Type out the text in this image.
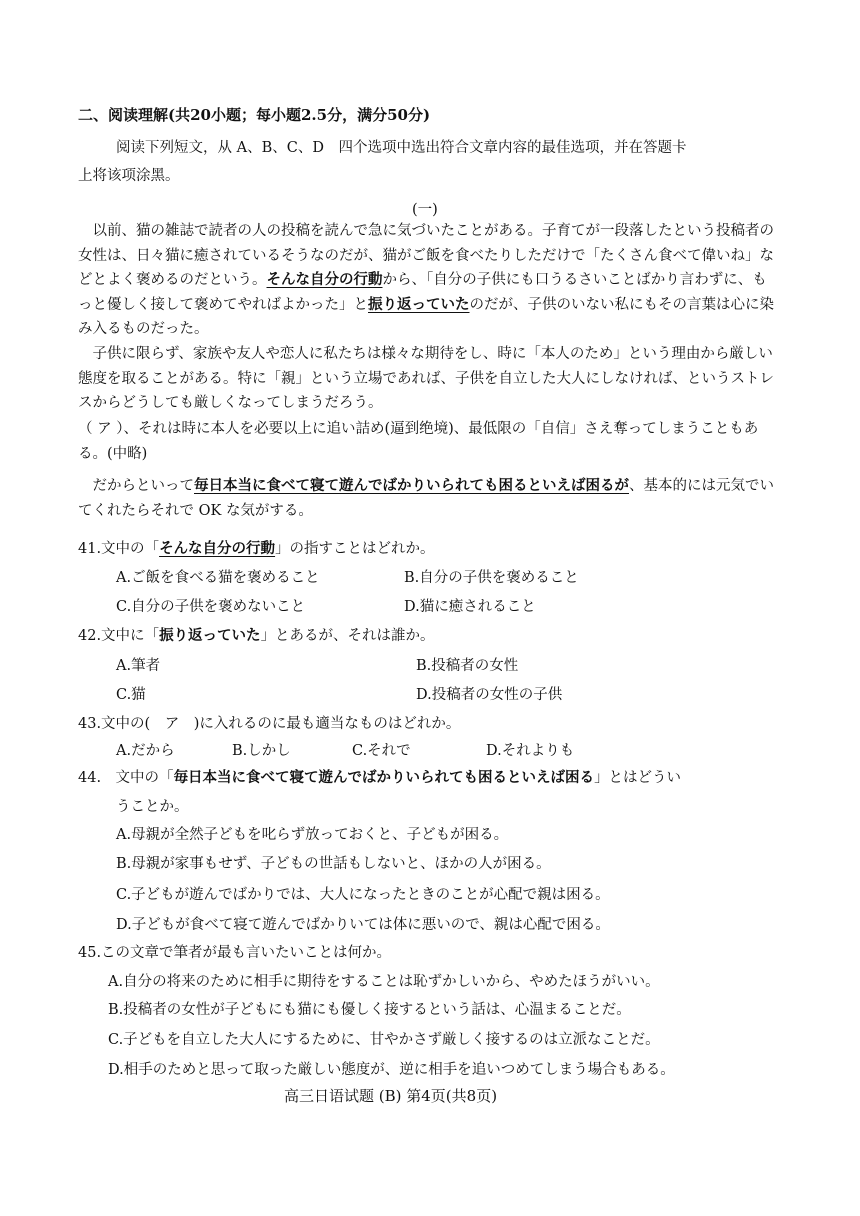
二、阅读理解(共20小题；每小题2.5分，满分50分)
阅读下列短文，从 A、B、C、D　四个选项中选出符合文章内容的最佳选项，并在答题卡
上将该项涂黑。
(一)
　以前、猫の雑誌で読者の人の投稿を読んで急に気づいたことがある。子育てが一段落したという投稿者の女性は、日々猫に癒されているそうなのだが、猫がご飯を食べたりしただけで「たくさん食べて偉いね」などとよく褒めるのだという。そんな自分の行動から、「自分の子供にも口うるさいことばかり言わずに、もっと優しく接して褒めてやればよかった」と振り返っていたのだが、子供のいない私にもその言葉は心に染み入るものだった。
　子供に限らず、家族や友人や恋人に私たちは様々な期待をし、時に「本人のため」という理由から厳しい態度を取ることがある。特に「親」という立場であれば、子供を自立した大人にしなければ、というストレスからどうしても厳しくなってしまうだろう。
（ ア ）、それは時に本人を必要以上に追い詰め(逼到绝境)、最低限の「自信」さえ奪ってしまうこともある。(中略)
　だからといって毎日本当に食べて寝て遊んでばかりいられても困るといえば困るが、基本的には元気でいてくれたらそれで OK な気がする。
41.文中の「そんな自分の行動」の指すことはどれか。
A.ご飯を食べる猫を褒めること	B.自分の子供を褒めること
C.自分の子供を褒めないこと	D.猫に癒されること
42.文中に「振り返っていた」とあるが、それは誰か。
A.筆者	B.投稿者の女性
C.猫	D.投稿者の女性の子供
43.文中の(　ア　)に入れるのに最も適当なものはどれか。
A.だから	B.しかし	C.それで	D.それよりも
44.　文中の「毎日本当に食べて寝て遊んでばかりいられても困るといえば困る」とはどうい
うことか。
A.母親が全然子どもを叱らず放っておくと、子どもが困る。
B.母親が家事もせず、子どもの世話もしないと、ほかの人が困る。
C.子どもが遊んでばかりでは、大人になったときのことが心配で親は困る。
D.子どもが食べて寝て遊んでばかりいては体に悪いので、親は心配で困る。
45.この文章で筆者が最も言いたいことは何か。
A.自分の将来のために相手に期待をすることは恥ずかしいから、やめたほうがいい。
B.投稿者の女性が子どもにも猫にも優しく接するという話は、心温まることだ。
C.子どもを自立した大人にするために、甘やかさず厳しく接するのは立派なことだ。
D.相手のためと思って取った厳しい態度が、逆に相手を追いつめてしまう場合もある。
高三日语试题 (B) 第4页(共8页)
